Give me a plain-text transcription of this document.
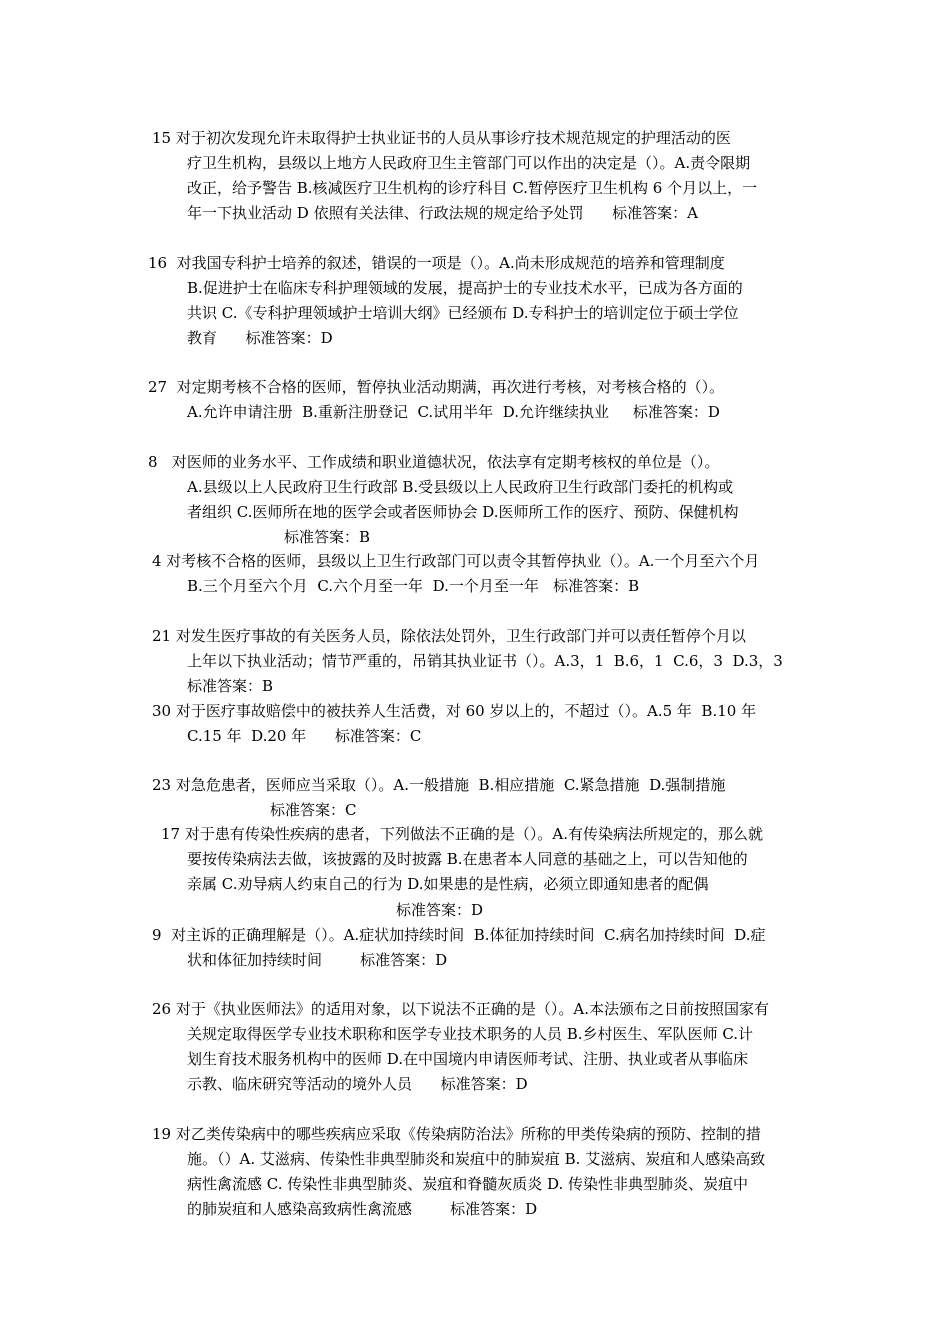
15 对于初次发现允许未取得护士执业证书的人员从事诊疗技术规范规定的护理活动的医
疗卫生机构，县级以上地方人民政府卫生主管部门可以作出的决定是（）。A.责令限期
改正，给予警告 B.核减医疗卫生机构的诊疗科目 C.暂停医疗卫生机构 6 个月以上，一
年一下执业活动 D 依照有关法律、行政法规的规定给予处罚      标准答案：A
16  对我国专科护士培养的叙述，错误的一项是（）。A.尚未形成规范的培养和管理制度
B.促进护士在临床专科护理领域的发展，提高护士的专业技术水平，已成为各方面的
共识 C.《专科护理领域护士培训大纲》已经颁布 D.专科护士的培训定位于硕士学位
教育      标准答案：D
27  对定期考核不合格的医师，暂停执业活动期满，再次进行考核，对考核合格的（）。
A.允许申请注册  B.重新注册登记  C.试用半年  D.允许继续执业     标准答案：D
8   对医师的业务水平、工作成绩和职业道德状况，依法享有定期考核权的单位是（）。
A.县级以上人民政府卫生行政部 B.受县级以上人民政府卫生行政部门委托的机构或
者组织 C.医师所在地的医学会或者医师协会 D.医师所工作的医疗、预防、保健机构
标准答案：B
4 对考核不合格的医师，县级以上卫生行政部门可以责令其暂停执业（）。A.一个月至六个月
B.三个月至六个月  C.六个月至一年  D.一个月至一年   标准答案：B
21 对发生医疗事故的有关医务人员，除依法处罚外，卫生行政部门并可以责任暂停个月以
上年以下执业活动；情节严重的，吊销其执业证书（）。A.3，1  B.6，1  C.6，3  D.3，3
标准答案：B
30 对于医疗事故赔偿中的被扶养人生活费，对 60 岁以上的，不超过（）。A.5 年  B.10 年
C.15 年  D.20 年      标准答案：C
23 对急危患者，医师应当采取（）。A.一般措施  B.相应措施  C.紧急措施  D.强制措施
标准答案：C
17 对于患有传染性疾病的患者，下列做法不正确的是（）。A.有传染病法所规定的，那么就
要按传染病法去做，该披露的及时披露 B.在患者本人同意的基础之上，可以告知他的
亲属 C.劝导病人约束自己的行为 D.如果患的是性病，必须立即通知患者的配偶
标准答案：D
9  对主诉的正确理解是（）。A.症状加持续时间  B.体征加持续时间  C.病名加持续时间  D.症
状和体征加持续时间        标准答案：D
26 对于《执业医师法》的适用对象，以下说法不正确的是（）。A.本法颁布之日前按照国家有
关规定取得医学专业技术职称和医学专业技术职务的人员 B.乡村医生、军队医师 C.计
划生育技术服务机构中的医师 D.在中国境内申请医师考试、注册、执业或者从事临床
示教、临床研究等活动的境外人员      标准答案：D
19 对乙类传染病中的哪些疾病应采取《传染病防治法》所称的甲类传染病的预防、控制的措
施。（）A. 艾滋病、传染性非典型肺炎和炭疽中的肺炭疽 B. 艾滋病、炭疽和人感染高致
病性禽流感 C. 传染性非典型肺炎、炭疽和脊髓灰质炎 D. 传染性非典型肺炎、炭疽中
的肺炭疽和人感染高致病性禽流感        标准答案：D
